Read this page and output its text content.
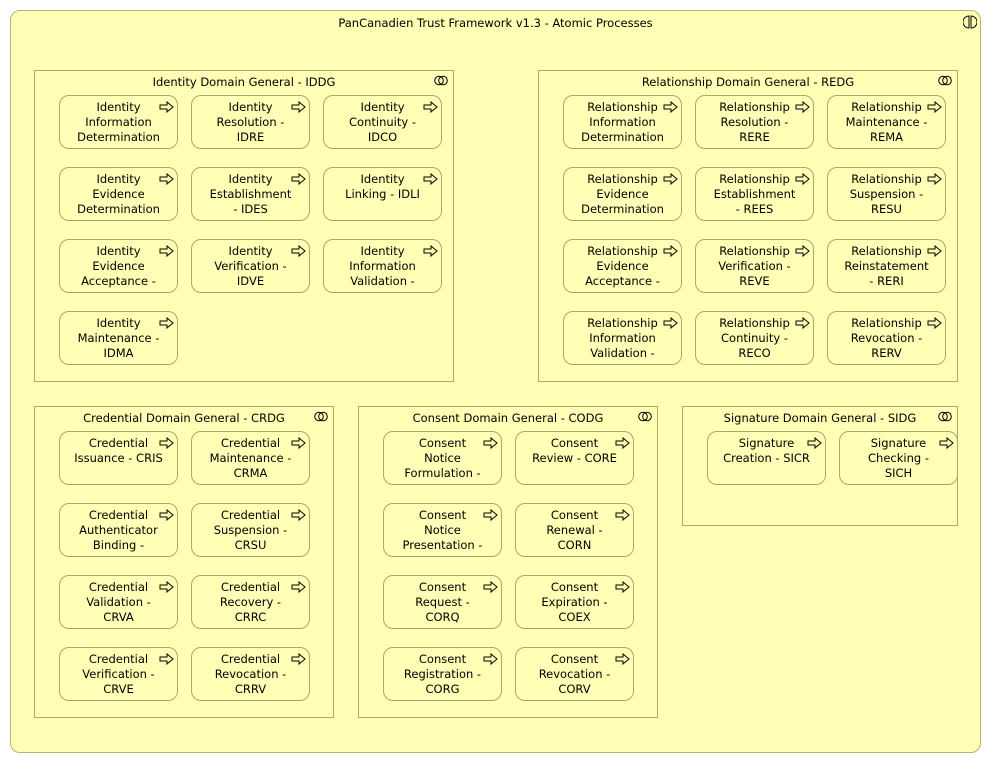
PanCanadien Trust Framework v1.3 - Atomic Processes
Identity Domain General - IDDG
Identity
Information
Determination
Identity
Resolution -
IDRE
Identity
Continuity -
IDCO
Identity
Evidence
Determination
Identity
Establishment
- IDES
Identity
Linking - IDLI
Identity
Evidence
Acceptance -
Identity
Verification -
IDVE
Identity
Information
Validation -
Identity
Maintenance -
IDMA
Relationship Domain General - REDG
Relationship
Information
Determination
Relationship
Resolution -
RERE
Relationship
Maintenance -
REMA
Relationship
Evidence
Determination
Relationship
Establishment
- REES
Relationship
Suspension -
RESU
Relationship
Evidence
Acceptance -
Relationship
Verification -
REVE
Relationship
Reinstatement
- RERI
Relationship
Information
Validation -
Relationship
Continuity -
RECO
Relationship
Revocation -
RERV
Credential Domain General - CRDG
Credential
Issuance - CRIS
Credential
Maintenance -
CRMA
Credential
Authenticator
Binding -
Credential
Suspension -
CRSU
Credential
Validation -
CRVA
Credential
Recovery -
CRRC
Credential
Verification -
CRVE
Credential
Revocation -
CRRV
Consent Domain General - CODG
Consent
Notice
Formulation -
Consent
Review - CORE
Consent
Notice
Presentation -
Consent
Renewal -
CORN
Consent
Request -
CORQ
Consent
Expiration -
COEX
Consent
Registration -
CORG
Consent
Revocation -
CORV
Signature Domain General - SIDG
Signature
Creation - SICR
Signature
Checking -
SICH
